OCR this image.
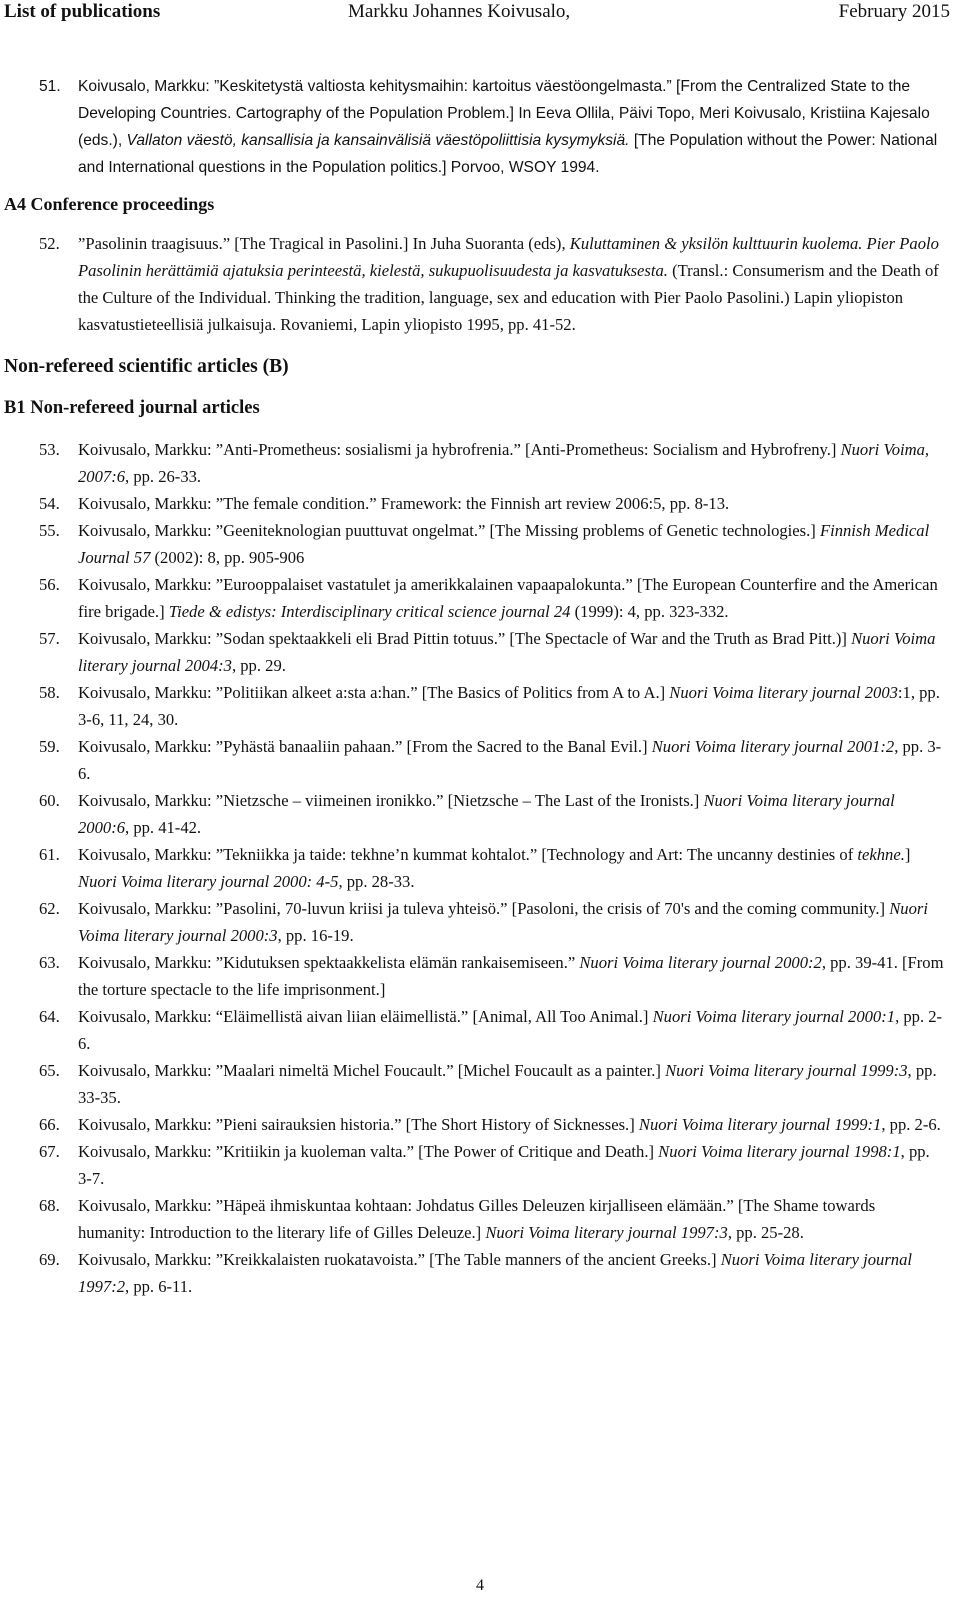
List of publications	Markku Johannes Koivusalo,	February 2015
51. Koivusalo, Markku: ”Keskitetystä valtiosta kehitysmaihin: kartoitus väestöongelmasta.” [From the Centralized State to the Developing Countries. Cartography of the Population Problem.] In Eeva Ollila, Päivi Topo, Meri Koivusalo, Kristiina Kajesalo (eds.), Vallaton väestö, kansallisia ja kansainvälisiä väestöpoliittisia kysymyksiä. [The Population without the Power: National and International questions in the Population politics.] Porvoo, WSOY 1994.
A4 Conference proceedings
52. ”Pasolinin traagisuus.” [The Tragical in Pasolini.] In Juha Suoranta (eds), Kuluttaminen & yksilön kulttuurin kuolema. Pier Paolo Pasolinin herättämiä ajatuksia perinteestä, kielestä, sukupuolisuudesta ja kasvatuksesta. (Transl.: Consumerism and the Death of the Culture of the Individual. Thinking the tradition, language, sex and education with Pier Paolo Pasolini.) Lapin yliopiston kasvatustieteellisiä julkaisuja. Rovaniemi, Lapin yliopisto 1995, pp. 41-52.
Non-refereed scientific articles (B)
B1 Non-refereed journal articles
53. Koivusalo, Markku: ”Anti-Prometheus: sosialismi ja hybrofrenia.” [Anti-Prometheus: Socialism and Hybrofreny.] Nuori Voima, 2007:6, pp. 26-33.
54. Koivusalo, Markku: ”The female condition.” Framework: the Finnish art review 2006:5, pp. 8-13.
55. Koivusalo, Markku: ”Geeniteknologian puuttuvat ongelmat.” [The Missing problems of Genetic technologies.] Finnish Medical Journal 57 (2002): 8, pp. 905-906
56. Koivusalo, Markku: ”Eurooppalaiset vastatulet ja amerikkalainen vapaapalokunta.” [The European Counterfire and the American fire brigade.] Tiede & edistys: Interdisciplinary critical science journal 24 (1999): 4, pp. 323-332.
57. Koivusalo, Markku: ”Sodan spektaakkeli eli Brad Pittin totuus.” [The Spectacle of War and the Truth as Brad Pitt.)] Nuori Voima literary journal 2004:3, pp. 29.
58. Koivusalo, Markku: ”Politiikan alkeet a:sta a:han.” [The Basics of Politics from A to A.] Nuori Voima literary journal 2003:1, pp. 3-6, 11, 24, 30.
59. Koivusalo, Markku: ”Pyhästä banaaliin pahaan.” [From the Sacred to the Banal Evil.] Nuori Voima literary journal 2001:2, pp. 3-6.
60. Koivusalo, Markku: ”Nietzsche – viimeinen ironikko.” [Nietzsche – The Last of the Ironists.] Nuori Voima literary journal 2000:6, pp. 41-42.
61. Koivusalo, Markku: ”Tekniikka ja taide: tekhne’n kummat kohtalot.” [Technology and Art: The uncanny destinies of tekhne.] Nuori Voima literary journal 2000: 4-5, pp. 28-33.
62. Koivusalo, Markku: ”Pasolini, 70-luvun kriisi ja tuleva yhteisö.” [Pasoloni, the crisis of 70's and the coming community.] Nuori Voima literary journal 2000:3, pp. 16-19.
63. Koivusalo, Markku: ”Kidutuksen spektaakkelista elämän rankaisemiseen.” Nuori Voima literary journal 2000:2, pp. 39-41. [From the torture spectacle to the life imprisonment.]
64. Koivusalo, Markku: “Eläimellistä aivan liian eläimellistä.” [Animal, All Too Animal.] Nuori Voima literary journal 2000:1, pp. 2-6.
65. Koivusalo, Markku: ”Maalari nimeltä Michel Foucault.” [Michel Foucault as a painter.] Nuori Voima literary journal 1999:3, pp. 33-35.
66. Koivusalo, Markku: ”Pieni sairauksien historia.” [The Short History of Sicknesses.] Nuori Voima literary journal 1999:1, pp. 2-6.
67. Koivusalo, Markku: ”Kritiikin ja kuoleman valta.” [The Power of Critique and Death.] Nuori Voima literary journal 1998:1, pp. 3-7.
68. Koivusalo, Markku: ”Häpeä ihmiskuntaa kohtaan: Johdatus Gilles Deleuzen kirjalliseen elämään.” [The Shame towards humanity: Introduction to the literary life of Gilles Deleuze.] Nuori Voima literary journal 1997:3, pp. 25-28.
69. Koivusalo, Markku: ”Kreikkalaisten ruokatavoista.” [The Table manners of the ancient Greeks.] Nuori Voima literary journal 1997:2, pp. 6-11.
4
